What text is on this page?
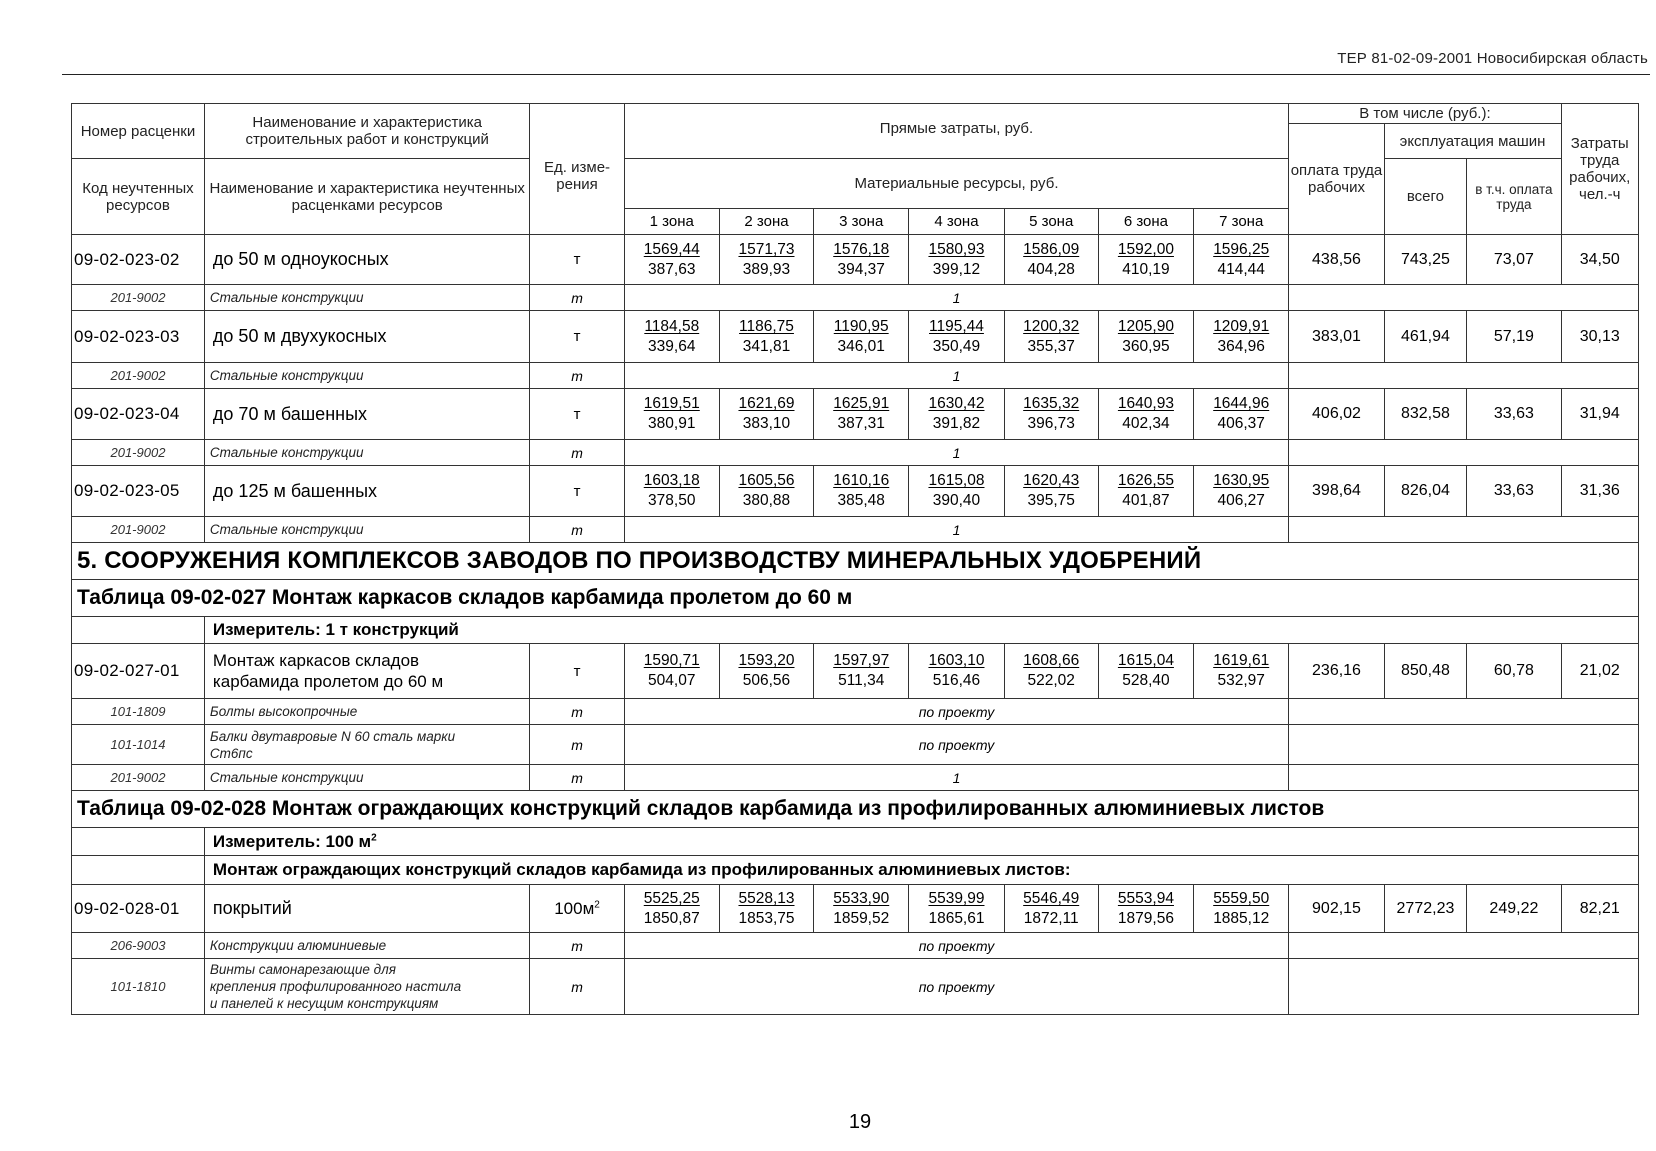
ТЕР 81-02-09-2001 Новосибирская область
Номер расценки	Наименование и характеристика строительных работ и конструкций	Ед. изме-рения	Прямые затраты, руб.							В том числе (руб.):			Затраты труда рабочих, чел.-ч
										оплата труда рабочих	эксплуатация машин		
Код неучтенных ресурсов	Наименование и характеристика неучтенных расценками ресурсов		Материальные ресурсы, руб.								всего	в т.ч. оплата труда	
			1 зона	2 зона	3 зона	4 зона	5 зона	6 зона	7 зона				
09-02-023-02	до 50 м одноукосных	т	$\frac{1569,44}{387,63}$	$\frac{1571,73}{389,93}$	$\frac{1576,18}{394,37}$	$\frac{1580,93}{399,12}$	$\frac{1586,09}{404,28}$	$\frac{1592,00}{410,19}$	$\frac{1596,25}{414,44}$	438,56	743,25	73,07	34,50
201-9002	Стальные конструкции	т	1										
09-02-023-03	до 50 м двухукосных	т	$\frac{1184,58}{339,64}$	$\frac{1186,75}{341,81}$	$\frac{1190,95}{346,01}$	$\frac{1195,44}{350,49}$	$\frac{1200,32}{355,37}$	$\frac{1205,90}{360,95}$	$\frac{1209,91}{364,96}$	383,01	461,94	57,19	30,13
201-9002	Стальные конструкции	т	1										
09-02-023-04	до 70 м башенных	т	$\frac{1619,51}{380,91}$	$\frac{1621,69}{383,10}$	$\frac{1625,91}{387,31}$	$\frac{1630,42}{391,82}$	$\frac{1635,32}{396,73}$	$\frac{1640,93}{402,34}$	$\frac{1644,96}{406,37}$	406,02	832,58	33,63	31,94
201-9002	Стальные конструкции	т	1										
09-02-023-05	до 125 м башенных	т	$\frac{1603,18}{378,50}$	$\frac{1605,56}{380,88}$	$\frac{1610,16}{385,48}$	$\frac{1615,08}{390,40}$	$\frac{1620,43}{395,75}$	$\frac{1626,55}{401,87}$	$\frac{1630,95}{406,27}$	398,64	826,04	33,63	31,36
201-9002	Стальные конструкции	т	1										
5. СООРУЖЕНИЯ КОМПЛЕКСОВ ЗАВОДОВ ПО ПРОИЗВОДСТВУ МИНЕРАЛЬНЫХ УДОБРЕНИЙ													
Таблица 09-02-027 Монтаж каркасов складов карбамида пролетом до 60 м													
	Измеритель: 1 т конструкций												
09-02-027-01	Монтаж каркасов складов
карбамида пролетом до 60 м	т	$\frac{1590,71}{504,07}$	$\frac{1593,20}{506,56}$	$\frac{1597,97}{511,34}$	$\frac{1603,10}{516,46}$	$\frac{1608,66}{522,02}$	$\frac{1615,04}{528,40}$	$\frac{1619,61}{532,97}$	236,16	850,48	60,78	21,02
101-1809	Болты высокопрочные	т	по проекту										
101-1014	Балки двутавровые N 60 сталь марки
Ст6пс	т	по проекту										
201-9002	Стальные конструкции	т	1										
Таблица 09-02-028 Монтаж ограждающих конструкций складов карбамида из профилированных алюминиевых листов													
	Измеритель: 100 $м^2$
	Монтаж ограждающих конструкций складов карбамида из профилированных алюминиевых листов:												
09-02-028-01	покрытий	$100м^2$	$\frac{5525,25}{1850,87}$	$\frac{5528,13}{1853,75}$	$\frac{5533,90}{1859,52}$	$\frac{5539,99}{1865,61}$	$\frac{5546,49}{1872,11}$	$\frac{5553,94}{1879,56}$	$\frac{5559,50}{1885,12}$	902,15	2772,23	249,22	82,21
206-9003	Конструкции алюминиевые	т	по проекту										
101-1810	Винты самонарезающие для
крепления профилированного настила
и панелей к несущим конструкциям	т	по проекту										
19
